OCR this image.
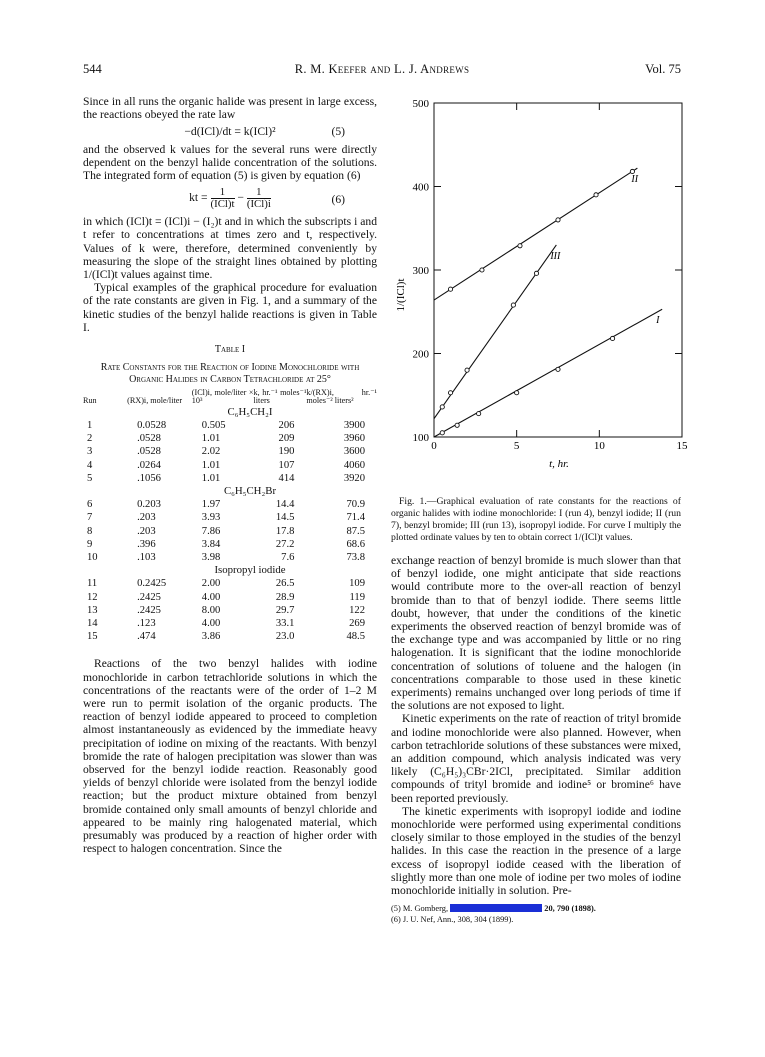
544	R. M. Keefer and L. J. Andrews	Vol. 75

Since in all runs the organic halide was present in large excess, the reactions obeyed the rate law

−d(ICl)/dt = k(ICl)²	(5)

and the observed k values for the several runs were directly dependent on the benzyl halide concentration of the solutions. The integrated form of equation (5) is given by equation (6)

kt = $\frac{1}{\text{(ICl)t}} - \frac{1}{\text{(ICl)i}}$	(6)

in which (ICl)t = (ICl)i − (I₂)t and in which the subscripts i and t refer to concentrations at times zero and t, respectively. Values of k were, therefore, determined conveniently by measuring the slope of the straight lines obtained by plotting 1/(ICl)t values against time.

Typical examples of the graphical procedure for evaluation of the rate constants are given in Fig. 1, and a summary of the kinetic studies of the benzyl halide reactions is given in Table I.

Table I
Rate Constants for the Reaction of Iodine Monochloride with Organic Halides in Carbon Tetrachloride at 25°
Run	(RX)i, mole/liter	(ICl)i, mole/liter × 10³	k, hr.⁻¹ moles⁻¹ liters	k/(RX)i, hr.⁻¹ moles⁻² liters²
C₆H₅CH₂I				
1	0.0528	0.505	206	3900
2	.0528	1.01	209	3960
3	.0528	2.02	190	3600
4	.0264	1.01	107	4060
5	.1056	1.01	414	3920
C₆H₅CH₂Br				
6	0.203	1.97	14.4	70.9
7	.203	3.93	14.5	71.4
8	.203	7.86	17.8	87.5
9	.396	3.84	27.2	68.6
10	.103	3.98	7.6	73.8
Isopropyl iodide				
11	0.2425	2.00	26.5	109
12	.2425	4.00	28.9	119
13	.2425	8.00	29.7	122
14	.123	4.00	33.1	269
15	.474	3.86	23.0	48.5

Reactions of the two benzyl halides with iodine monochloride in carbon tetrachloride solutions in which the concentrations of the reactants were of the order of 1–2 M were run to permit isolation of the organic products. The reaction of benzyl iodide appeared to proceed to completion almost instantaneously as evidenced by the immediate heavy precipitation of iodine on mixing of the reactants. With benzyl bromide the rate of halogen precipitation was slower than was observed for the benzyl iodide reaction. Reasonably good yields of benzyl chloride were isolated from the benzyl iodide reaction; but the product mixture obtained from benzyl bromide contained only small amounts of benzyl chloride and appeared to be mainly ring halogenated material, which presumably was produced by a reaction of higher order with respect to halogen concentration. Since the

0	5	10	15
100
200
300
400
500
I
II
III
1/(ICl)t
t, hr.

Fig. 1.—Graphical evaluation of rate constants for the reactions of organic halides with iodine monochloride: I (run 4), benzyl iodide; II (run 7), benzyl bromide; III (run 13), isopropyl iodide. For curve I multiply the plotted ordinate values by ten to obtain correct 1/(ICl)t values.

exchange reaction of benzyl bromide is much slower than that of benzyl iodide, one might anticipate that side reactions would contribute more to the over-all reaction of benzyl bromide than to that of benzyl iodide. There seems little doubt, however, that under the conditions of the kinetic experiments the observed reaction of benzyl bromide was of the exchange type and was accompanied by little or no ring halogenation. It is significant that the iodine monochloride concentration of solutions of toluene and the halogen (in concentrations comparable to those used in these kinetic experiments) remains unchanged over long periods of time if the solutions are not exposed to light.

Kinetic experiments on the rate of reaction of trityl bromide and iodine monochloride were also planned. However, when carbon tetrachloride solutions of these substances were mixed, an addition compound, which analysis indicated was very likely (C₆H₅)₃CBr·2ICl, precipitated. Similar addition compounds of trityl bromide and iodine⁵ or bromine⁶ have been reported previously.

The kinetic experiments with isopropyl iodide and iodine monochloride were performed using experimental conditions closely similar to those employed in the studies of the benzyl halides. In this case the reaction in the presence of a large excess of isopropyl iodide ceased with the liberation of slightly more than one mole of iodine per two moles of iodine monochloride initially in solution. Pre-

(5) M. Gomberg,	20, 790 (1898).
(6) J. U. Nef, Ann., 308, 304 (1899).
